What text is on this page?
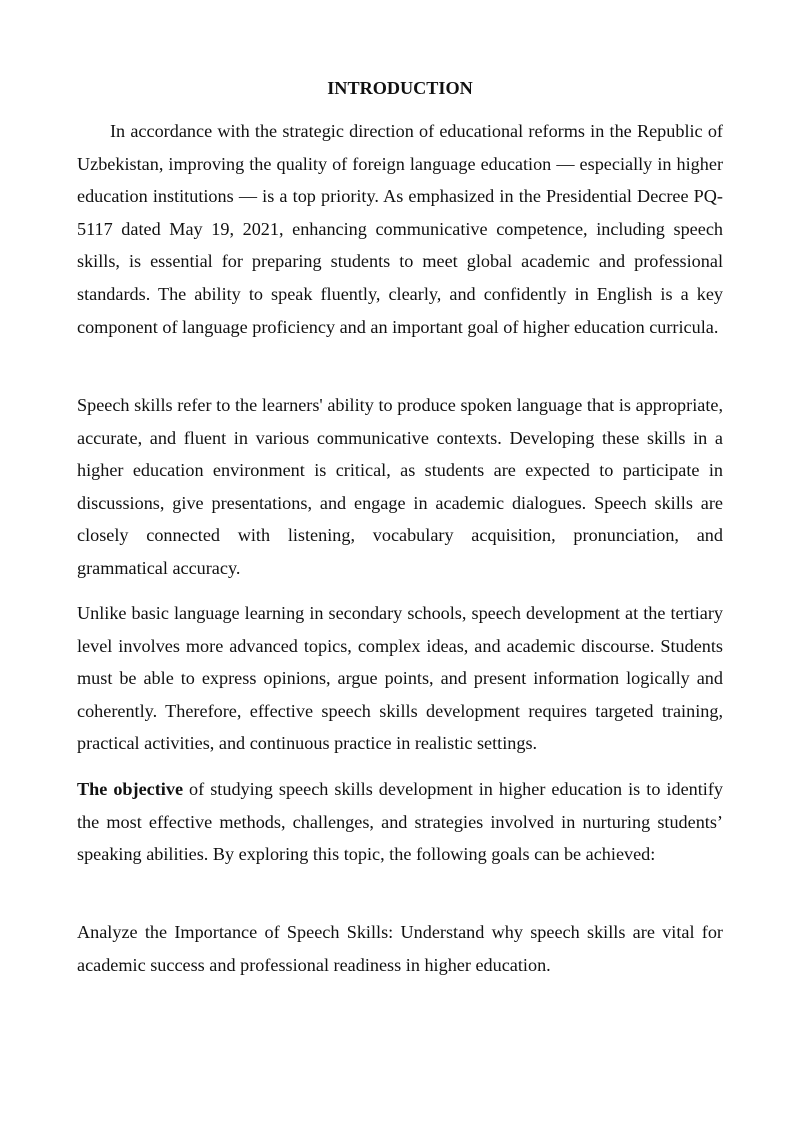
INTRODUCTION

In accordance with the strategic direction of educational reforms in the Republic of Uzbekistan, improving the quality of foreign language education — especially in higher education institutions — is a top priority. As emphasized in the Presidential Decree PQ-5117 dated May 19, 2021, enhancing communicative competence, including speech skills, is essential for preparing students to meet global academic and professional standards. The ability to speak fluently, clearly, and confidently in English is a key component of language proficiency and an important goal of higher education curricula.

Speech skills refer to the learners' ability to produce spoken language that is appropriate, accurate, and fluent in various communicative contexts. Developing these skills in a higher education environment is critical, as students are expected to participate in discussions, give presentations, and engage in academic dialogues. Speech skills are closely connected with listening, vocabulary acquisition, pronunciation, and grammatical accuracy.

Unlike basic language learning in secondary schools, speech development at the tertiary level involves more advanced topics, complex ideas, and academic discourse. Students must be able to express opinions, argue points, and present information logically and coherently. Therefore, effective speech skills development requires targeted training, practical activities, and continuous practice in realistic settings.

The objective of studying speech skills development in higher education is to identify the most effective methods, challenges, and strategies involved in nurturing students’ speaking abilities. By exploring this topic, the following goals can be achieved:

Analyze the Importance of Speech Skills: Understand why speech skills are vital for academic success and professional readiness in higher education.
